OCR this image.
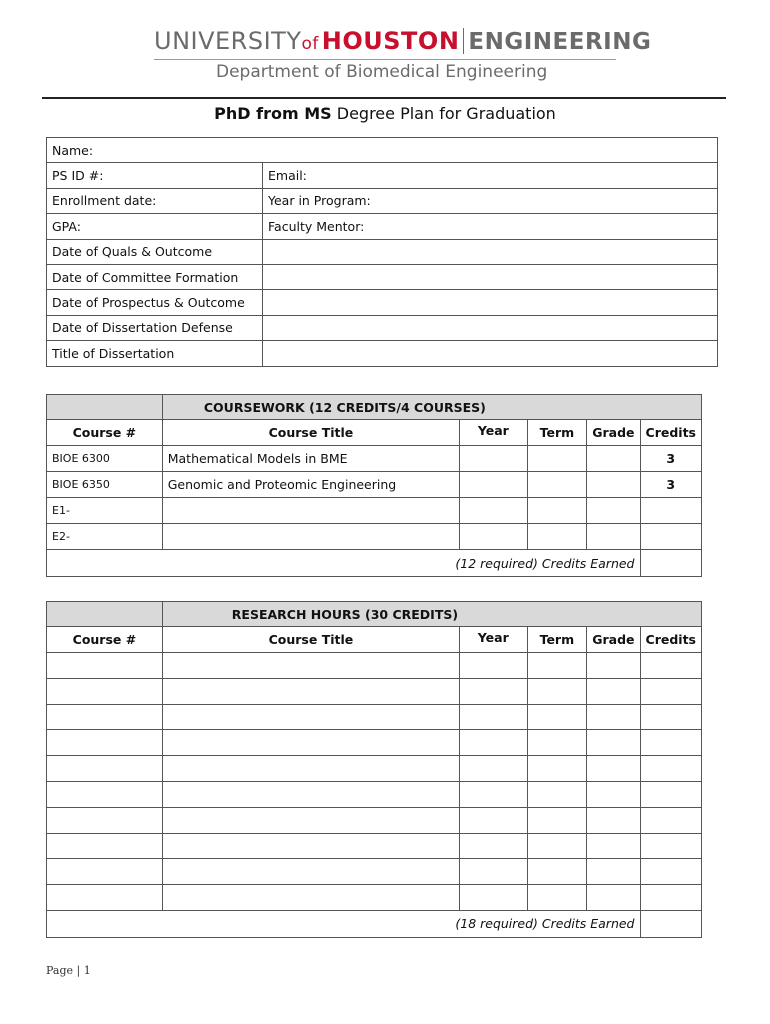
UNIVERSITYof  HOUSTON ENGINEERING
Department of Biomedical Engineering
PhD from MS Degree Plan for Graduation
Name:	
PS ID #:	Email:
Enrollment date:	Year in Program:
GPA:	Faculty Mentor:
Date of Quals & Outcome	
Date of Committee Formation	
Date of Prospectus & Outcome	
Date of Dissertation Defense	
Title of Dissertation	
	COURSEWORK (12 CREDITS/4 COURSES)				
Course #	Course Title	Year	Term	Grade	Credits
BIOE 6300	Mathematical Models in BME				3
BIOE 6350	Genomic and Proteomic Engineering				3
E1-					
E2-					
(12 required) Credits Earned					
	RESEARCH HOURS (30 CREDITS)				
Course #	Course Title	Year	Term	Grade	Credits

(18 required) Credits Earned					
Page | 1
